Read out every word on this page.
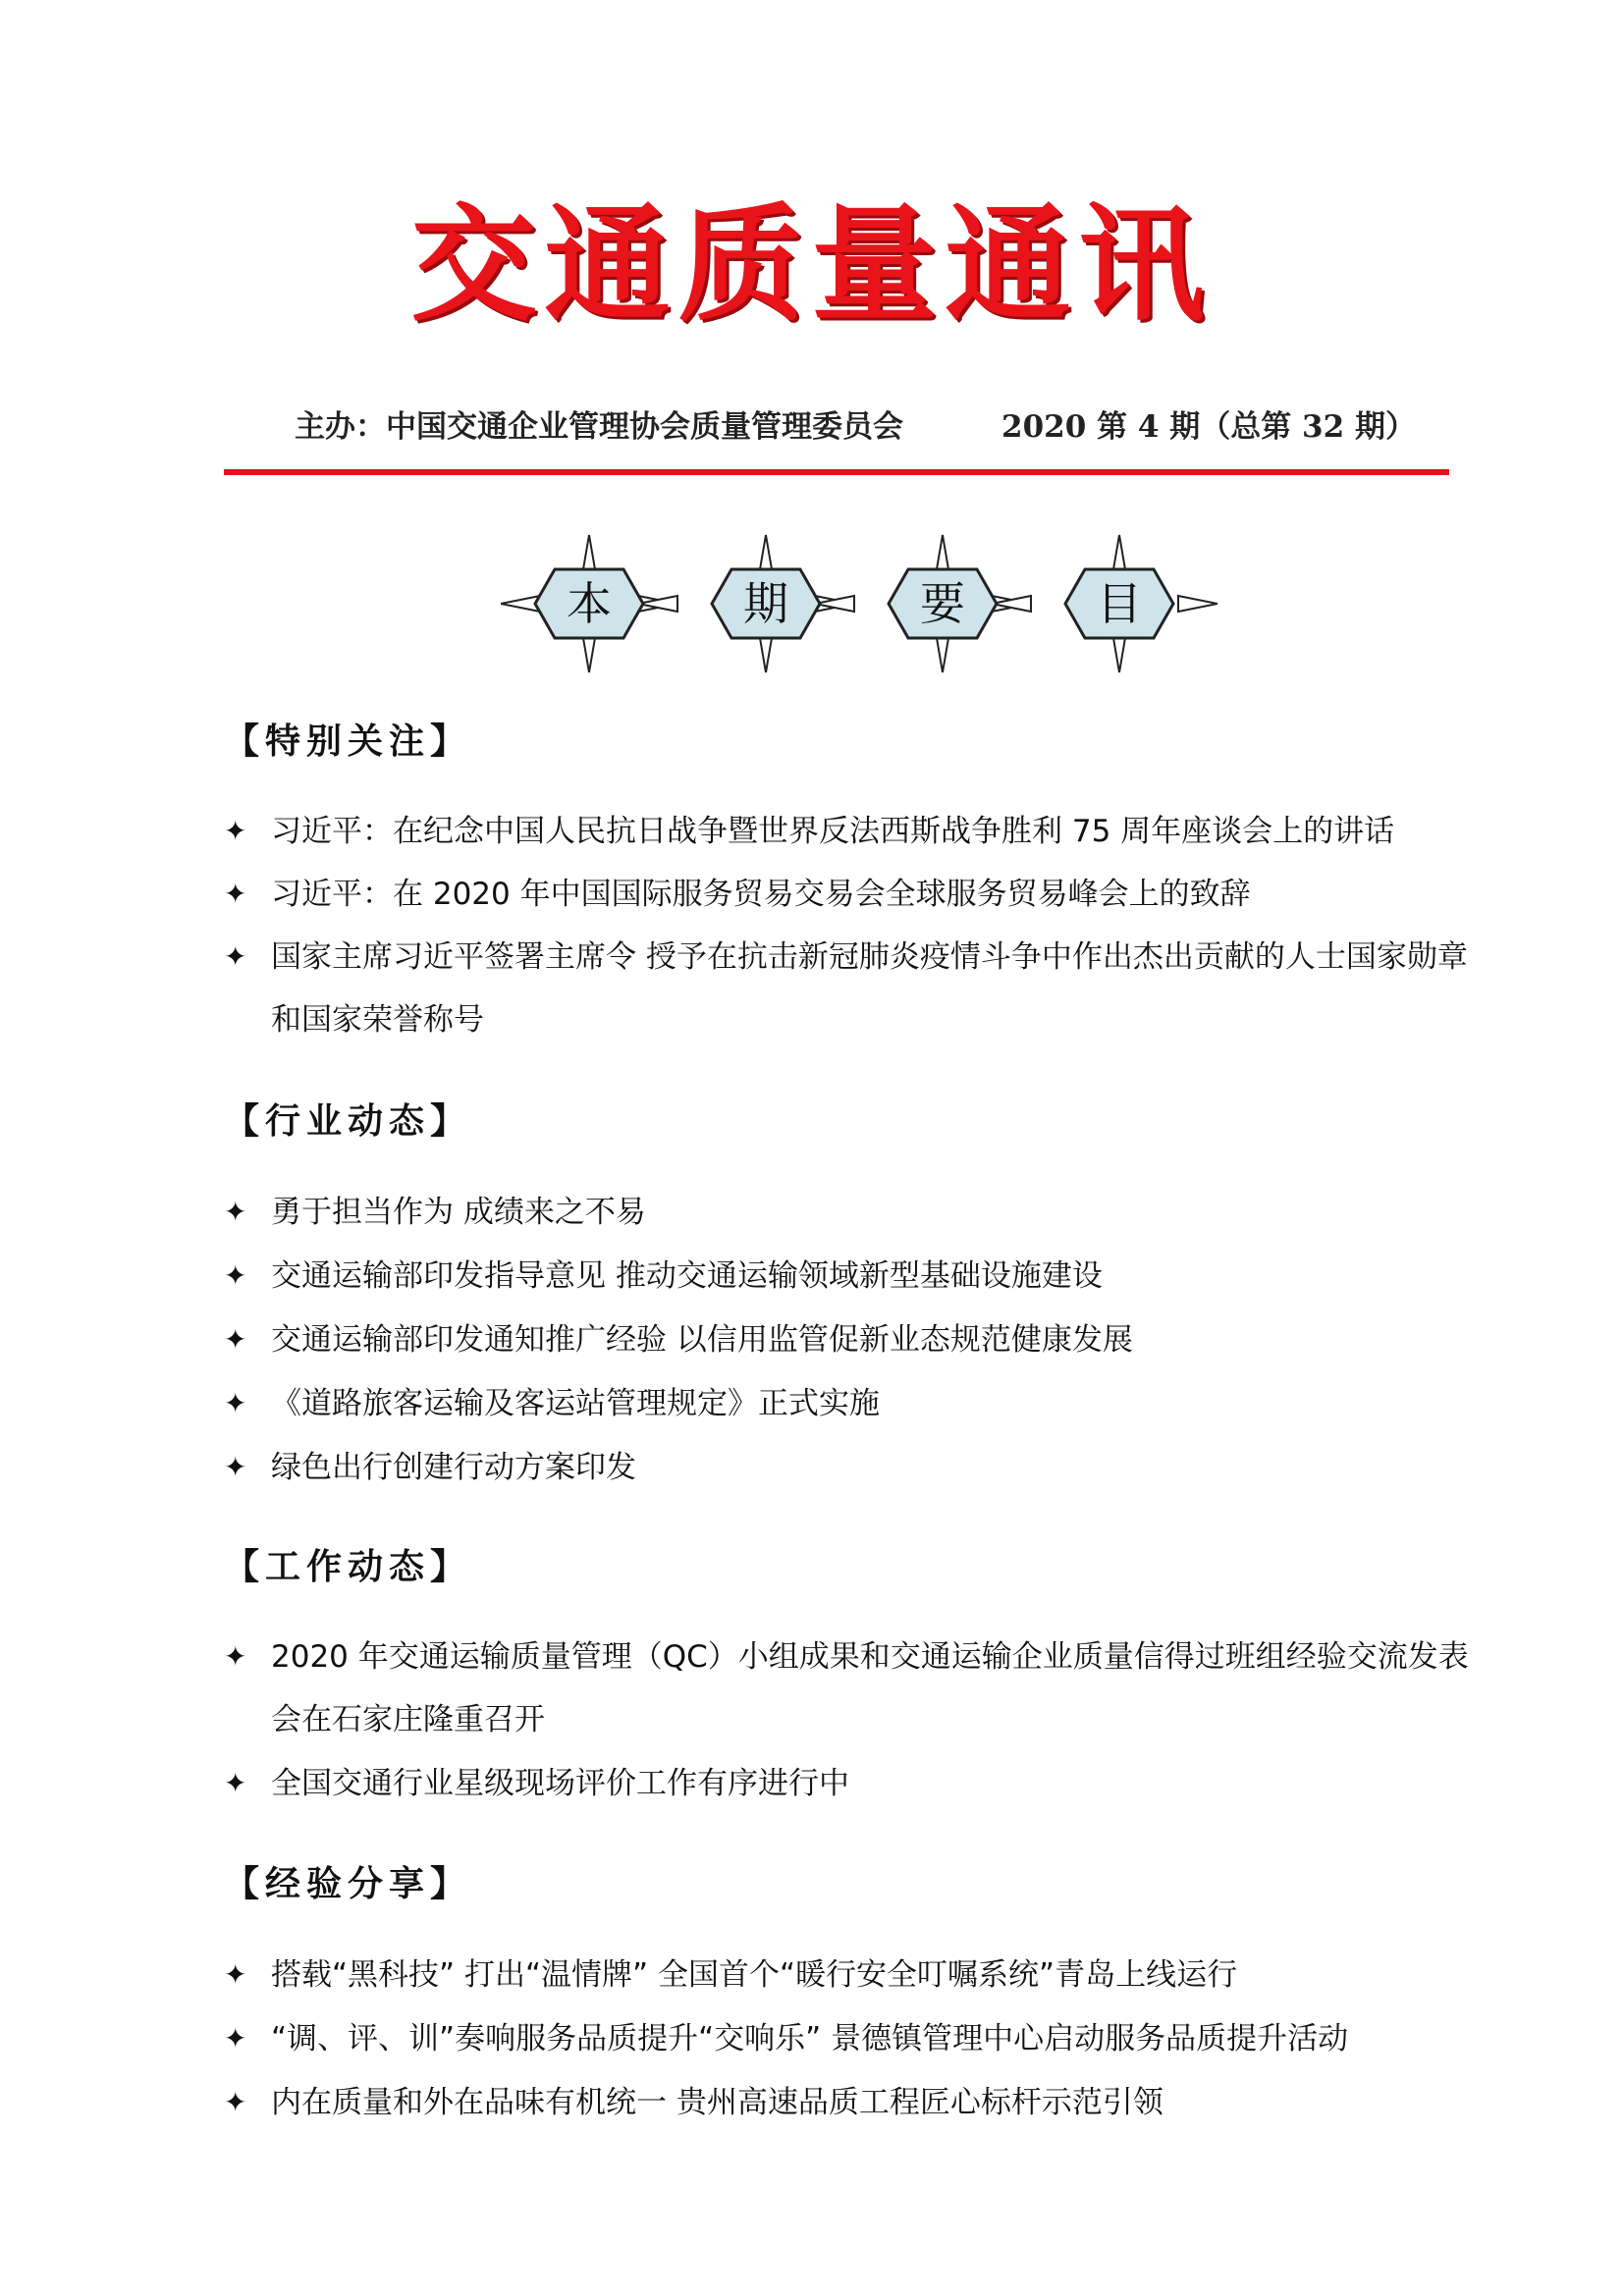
交通质量通讯
主办：中国交通企业管理协会质量管理委员会	2020 第 4 期（总第 32 期）
本	期	要	目
【特别关注】
✦ 习近平：在纪念中国人民抗日战争暨世界反法西斯战争胜利 75 周年座谈会上的讲话
✦ 习近平：在 2020 年中国国际服务贸易交易会全球服务贸易峰会上的致辞
✦ 国家主席习近平签署主席令 授予在抗击新冠肺炎疫情斗争中作出杰出贡献的人士国家勋章和国家荣誉称号
【行业动态】
✦ 勇于担当作为 成绩来之不易
✦ 交通运输部印发指导意见 推动交通运输领域新型基础设施建设
✦ 交通运输部印发通知推广经验 以信用监管促新业态规范健康发展
✦ 《道路旅客运输及客运站管理规定》正式实施
✦ 绿色出行创建行动方案印发
【工作动态】
✦ 2020 年交通运输质量管理（QC）小组成果和交通运输企业质量信得过班组经验交流发表会在石家庄隆重召开
✦ 全国交通行业星级现场评价工作有序进行中
【经验分享】
✦ 搭载“黑科技” 打出“温情牌” 全国首个“暖行安全叮嘱系统”青岛上线运行
✦ “调、评、训”奏响服务品质提升“交响乐” 景德镇管理中心启动服务品质提升活动
✦ 内在质量和外在品味有机统一 贵州高速品质工程匠心标杆示范引领
